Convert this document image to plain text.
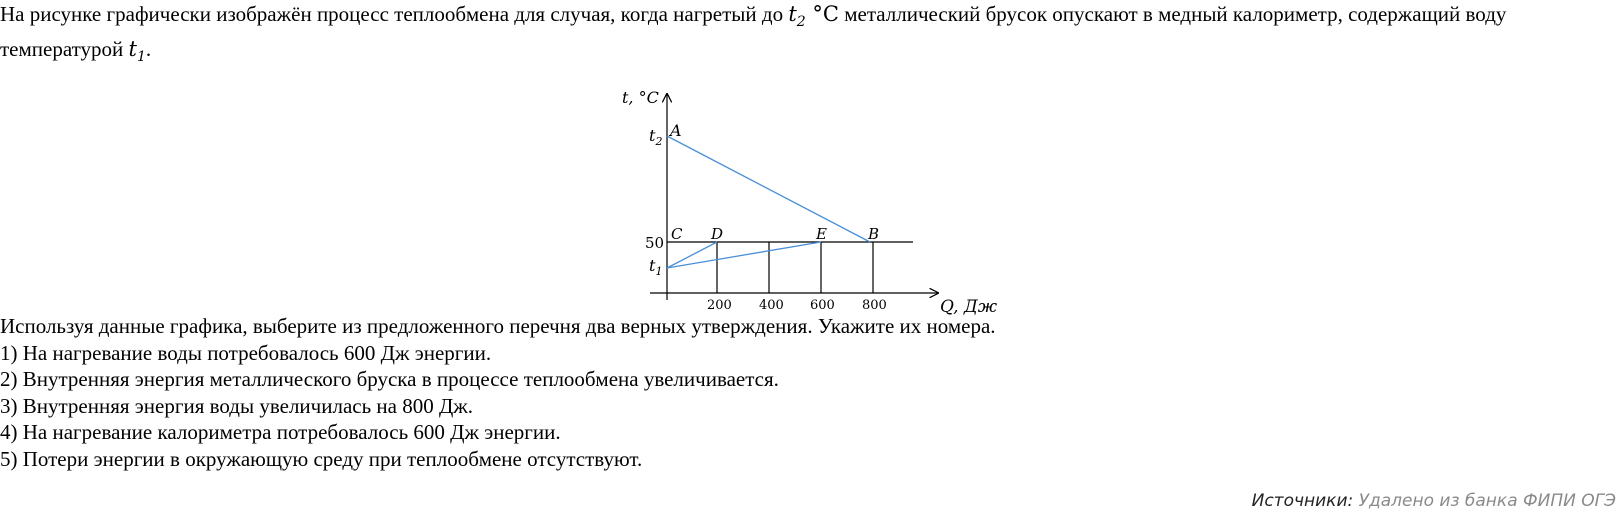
На рисунке графически изображён процесс теплообмена для случая, когда нагретый до $t_2$ °C металлический брусок опускают в медный калориметр, содержащий воду температурой $t_1$.
t, °C
Q, Дж
$t_2$
50
$t_1$
200 400 600 800
A
C D	E	B

Используя данные графика, выберите из предложенного перечня два верных утверждения. Укажите их номера.

1) На нагревание воды потребовалось 600 Дж энергии.

2) Внутренняя энергия металлического бруска в процессе теплообмена увеличивается.

3) Внутренняя энергия воды увеличилась на 800 Дж.

4) На нагревание калориметра потребовалось 600 Дж энергии.

5) Потери энергии в окружающую среду при теплообмене отсутствуют.

Источники: Удалено из банка ФИПИ ОГЭ
